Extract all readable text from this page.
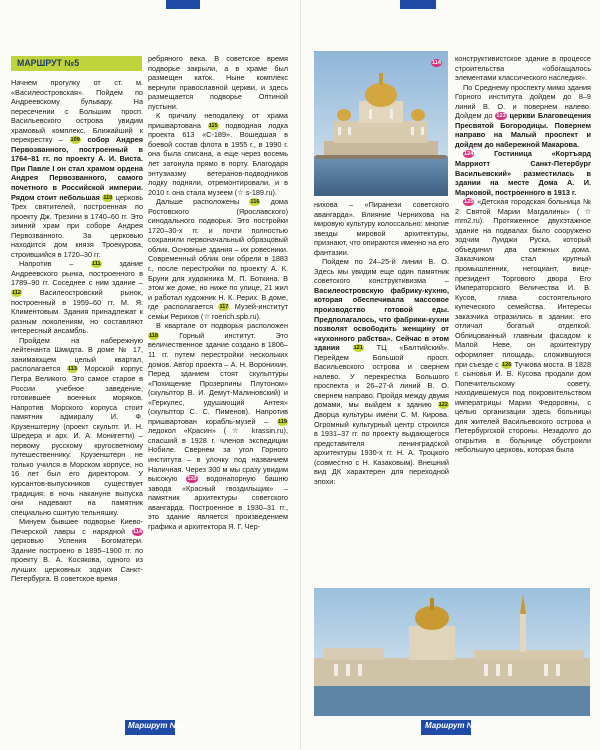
МАРШРУТ №5

Начнем прогулку от ст. м. «Василеостровская». Пойдем по Андреевскому бульвару. На пересечении с Большим просп. Васильевского острова увидим храмовый комплекс. Ближайший к перекрестку – 109 собор Андрея Первозванного, построенный в 1764–81 гг. по проекту А. И. Виста. При Павле I он стал храмом ордена Андрея Первозванного, самого почетного в Российской империи. Рядом стоит небольшая 110 церковь Трех святителей, построенная по проекту Дж. Трезини в 1740–60 гг. Это зимний храм при соборе Андрея Первозванного. За церковью находится дом князя Троекурова, строившийся в 1720–30 гг.

Напротив –	111	здание Андреевского рынка, построенного в 1789–90 гг. Соседнее с ним здание – 112	Василеостровский рынок, построенный в 1959–60 гг. М. Я. Климентовым. Здания принадлежат к разным поколениям, но составляют интересный ансамбль.

Пройдем на набережную лейтенанта Шмидта. В доме № 17, занимающем целый квартал, располагается 113 Морской корпус Петра Великого. Это самое старое в России учебное заведение, готовившее военных моряков. Напротив Морского корпуса стоит памятник адмиралу И. Ф. Крузенштерну (проект скульпт. И. Н. Шредера и арх. И. А. Монигетти) – первому русскому кругосветному путешественнику. Крузенштерн не только учился в Морском корпусе, но 16 лет был его директором. У курсантов-выпускников существует традиция: в ночь накануне выпуска они надевают на памятник специально сшитую тельняшку.

Минуем бывшее подворье Киево-Печерской лавры с нарядной 114 церковью Успения Богоматери. Здание построено в 1895–1900 гг. по проекту В. А. Косякова, одного из лучших церковных зодчих Санкт-Петербурга. В советское время

ребряного века. В советское время подворье закрыли, а в храме был размещен каток. Ныне комплекс вернули православной церкви, и здесь размещается подворье Оптиной пустыни.

К причалу неподалеку от храма пришвартована 115 подводная лодка проекта 613 «С-189». Вошедшая в боевой состав флота в 1955 г., в 1990 г. она была списана, а еще через восемь лет затонула прямо в порту. Благодаря энтузиазму ветеранов-подводников лодку подняли, отремонтировали, и в 2010 г. она стала музеем (☆ s-189.ru).

Дальше расположены 116 дома Ростовского (Ярославского) синодального подворья. Это постройки 1720–30-х гг. и почти полностью сохранили первоначальный образцовый облик. Основные здания – их ровесники. Современный облик они обрели в 1883 г., после перестройки по проекту А. К. Бруни для художника М. П. Боткина. В этом же доме, но ниже по улице, 21 жил и работал художник Н. К. Рерих. В доме, где располагается 117 Музей-институт семьи Рерихов (☆ roerich.spb.ru).

В квартале от подворья расположен 118	Горный институт. Это величественное здание создано в 1806–11 гг. путем перестройки нескольких домов. Автор проекта – А. Н. Воронихин. Перед зданием стоят скульптуры «Похищение Прозерпины Плутоном» (скульптор В. И. Демут-Малиновский) и «Геркулес, удушающий Антея» (скульптор С. С. Пименов). Напротив пришвартован корабль-музей – 119 ледокол «Красин» (☆ krassin.ru), спасший в 1928 г. членов экспедиции Нобиле. Свернем за угол Горного института – в улочку под названием Наличная. Через 300 м мы сразу увидим высокую 120 водонапорную башню завода «Красный гвоздильщик» – памятник архитектуры советского авангарда. Построенное в 1930–31 гг., это здание является произведением графика и архитектора Я. Г. Чер-

Маршрут №5
114

нихова – «Пиранези советского авангарда». Влияние Чернихова на мировую культуру колоссально: многие звезды мировой архитектуры, признают, что опираются именно на его фантазии.

Пойдем по 24–25-й линии В. О. Здесь мы увидим еще один памятник советского конструктивизма – Василеостровскую фабрику-кухню, которая обеспечивала массовое производство готовой еды. Предполагалось, что фабрики-кухни позволят освободить женщину от «кухонного рабства». Сейчас в этом здании 121 ТЦ «Балтийский». Перейдем Большой просп. Васильевского острова и свернем налево. У перекрестка Большого проспекта и 26–27-й линий В. О. свернем направо. Пройдя между двумя домами, мы выйдем к зданию 122 Дворца культуры имени С. М. Кирова. Огромный культурный центр строился в 1931–37 гг. по проекту выдающегося представителя ленинградской архитектуры 1930-х гг. Н. А. Троцкого (совместно с Н. Казаковым). Внешний вид ДК характерен для переходной эпохи:

конструктивистское здание в процессе строительства «обогащалось элементами классического наследия».

По Среднему проспекту мимо здания Горного института дойдем до 8–9 линий В. О. и повернем налево. Дойдем до 123 церкви Благовещения Пресвятой Богородицы. Повернем направо на Малый проспект и дойдем до набережной Макарова.

124	Гостиница «Кортъярд Марриотт Санкт-Петербург Васильевский» разместилась в здании на месте Дома А. И. Марковой, построенного в 1913 г.

125 «Детская городская больница № 2 Святой Марии Магдалины» (☆ mm2.ru). Протяженное двухэтажное здание на подвалах было сооружено зодчим Луиджи Руска, который объединил два смежных дома. Заказчиком стал крупный промышленник, негоциант, вице-президент Торгового двора Его Императорского Величества И. В. Кусов, глава состоятельного купеческого семейства. Интересы заказчика отразились в здании: его отличал богатый отделкой. Облицованный главным фасадом к Малой Неве, он архитектуру оформляет площадь, сложившуюся при съезде с 126 Тучкова моста. В 1828 г. сыновья И. В. Кусова продали дом Попечительскому совету, находившемуся под покровительством императрицы Марии Федоровны, с целью организации здесь больницы для жителей Васильевского острова и Петербургской стороны. Незадолго до открытия в больнице обустроили небольшую церковь, которая была

Маршрут №5
